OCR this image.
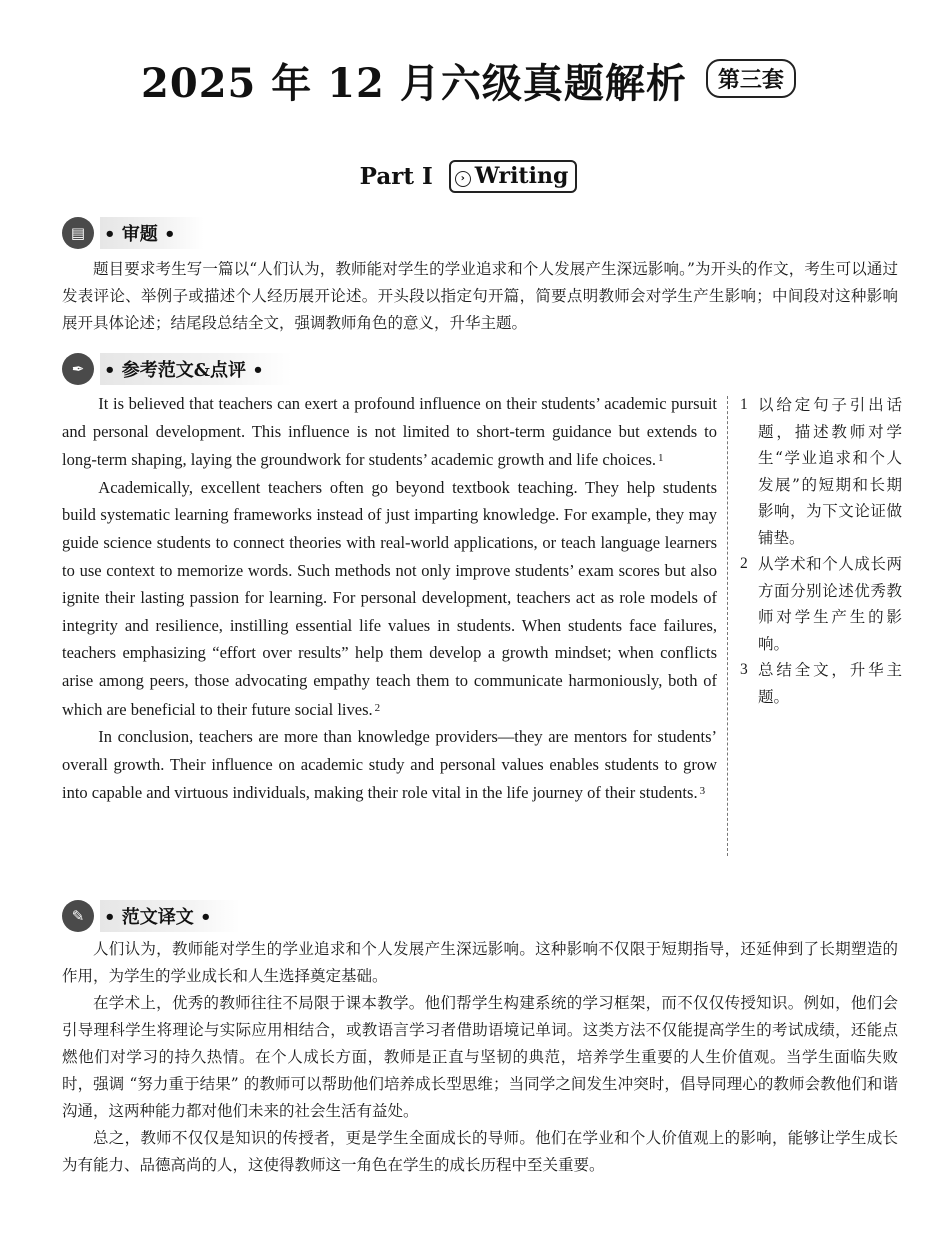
2025 年 12 月六级真题解析 第三套
Part I	› Writing
▤	• 审题 •

题目要求考生写一篇以“人们认为，教师能对学生的学业追求和个人发展产生深远影响。”为开头的作文，考生可以通过发表评论、举例子或描述个人经历展开论述。开头段以指定句开篇，简要点明教师会对学生产生影响；中间段对这种影响展开具体论述；结尾段总结全文，强调教师角色的意义，升华主题。

✒	• 参考范文&点评 •

It is believed that teachers can exert a profound influence on their students’ academic pursuit and personal development. This influence is not limited to short-term guidance but extends to long-term shaping, laying the groundwork for students’ academic growth and life choices. $^1$

Academically, excellent teachers often go beyond textbook teaching. They help students build systematic learning frameworks instead of just imparting knowledge. For example, they may guide science students to connect theories with real-world applications, or teach language learners to use context to memorize words. Such methods not only improve students’ exam scores but also ignite their lasting passion for learning. For personal development, teachers act as role models of integrity and resilience, instilling essential life values in students. When students face failures, teachers emphasizing “effort over results” help them develop a growth mindset; when conflicts arise among peers, those advocating empathy teach them to communicate harmoniously, both of which are beneficial to their future social lives. $^2$

In conclusion, teachers are more than knowledge providers—they are mentors for students’ overall growth. Their influence on academic study and personal values enables students to grow into capable and virtuous individuals, making their role vital in the life journey of their students. $^3$

1 以给定句子引出话题，描述教师对学生“学业追求和个人发展”的短期和长期影响，为下文论证做铺垫。
2 从学术和个人成长两方面分别论述优秀教师对学生产生的影响。
3 总结全文，升华主题。
✎	• 范文译文 •

人们认为，教师能对学生的学业追求和个人发展产生深远影响。这种影响不仅限于短期指导，还延伸到了长期塑造的作用，为学生的学业成长和人生选择奠定基础。

在学术上，优秀的教师往往不局限于课本教学。他们帮学生构建系统的学习框架，而不仅仅传授知识。例如，他们会引导理科学生将理论与实际应用相结合，或教语言学习者借助语境记单词。这类方法不仅能提高学生的考试成绩，还能点燃他们对学习的持久热情。在个人成长方面，教师是正直与坚韧的典范，培养学生重要的人生价值观。当学生面临失败时，强调 “努力重于结果” 的教师可以帮助他们培养成长型思维；当同学之间发生冲突时，倡导同理心的教师会教他们和谐沟通，这两种能力都对他们未来的社会生活有益处。

总之，教师不仅仅是知识的传授者，更是学生全面成长的导师。他们在学业和个人价值观上的影响，能够让学生成长为有能力、品德高尚的人，这使得教师这一角色在学生的成长历程中至关重要。
